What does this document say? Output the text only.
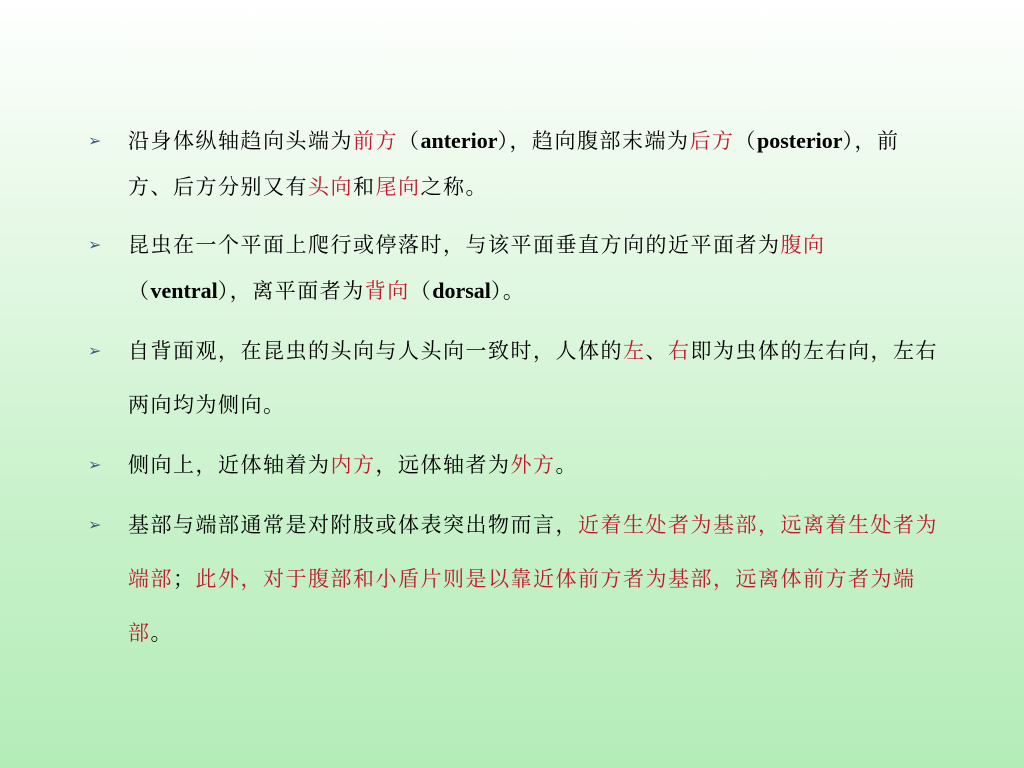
➢ 沿身体纵轴趋向头端为前方（anterior），趋向腹部末端为后方（posterior），前方、后方分别又有头向和尾向之称。
➢ 昆虫在一个平面上爬行或停落时，与该平面垂直方向的近平面者为腹向（ventral），离平面者为背向（dorsal）。
➢ 自背面观，在昆虫的头向与人头向一致时，人体的左、右即为虫体的左右向，左右两向均为侧向。
➢ 侧向上，近体轴着为内方，远体轴者为外方。
➢ 基部与端部通常是对附肢或体表突出物而言，近着生处者为基部，远离着生处者为端部；此外，对于腹部和小盾片则是以靠近体前方者为基部，远离体前方者为端部。
